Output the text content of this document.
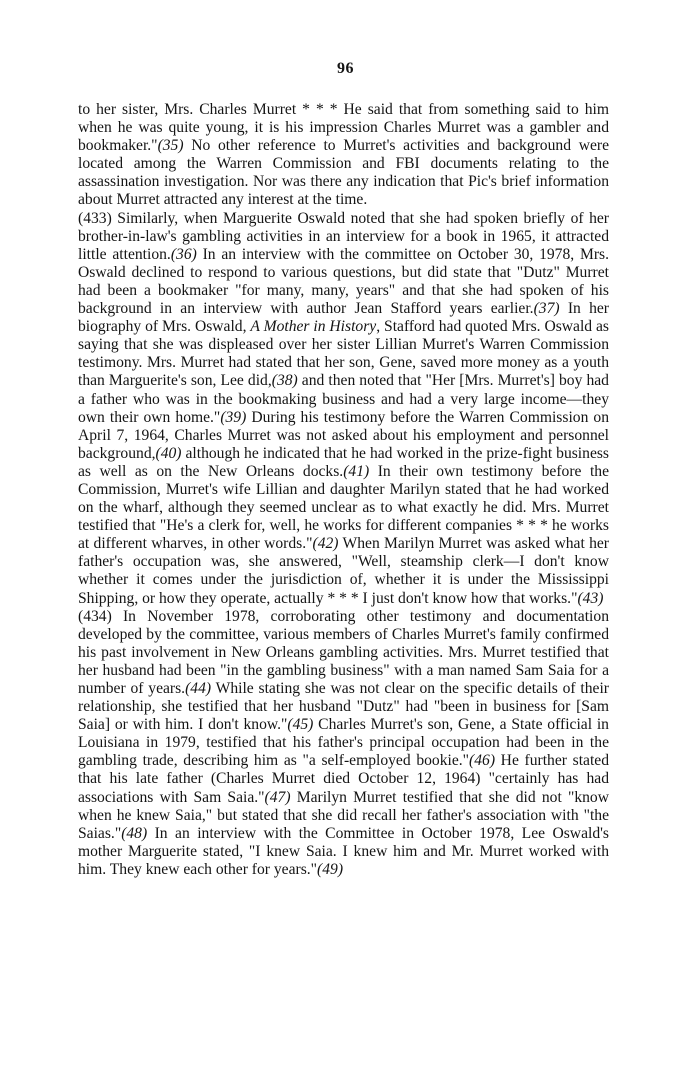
96

to her sister, Mrs. Charles Murret * * * He said that from something said to him when he was quite young, it is his impression Charles Murret was a gambler and bookmaker."(35) No other reference to Murret's activities and background were located among the Warren Commission and FBI documents relating to the assassination investigation. Nor was there any indication that Pic's brief information about Murret attracted any interest at the time.

(433) Similarly, when Marguerite Oswald noted that she had spoken briefly of her brother-in-law's gambling activities in an interview for a book in 1965, it attracted little attention.(36) In an interview with the committee on October 30, 1978, Mrs. Oswald declined to respond to various questions, but did state that "Dutz" Murret had been a bookmaker "for many, many, years" and that she had spoken of his background in an interview with author Jean Stafford years earlier.(37) In her biography of Mrs. Oswald, A Mother in History, Stafford had quoted Mrs. Oswald as saying that she was displeased over her sister Lillian Murret's Warren Commission testimony. Mrs. Murret had stated that her son, Gene, saved more money as a youth than Marguerite's son, Lee did,(38) and then noted that "Her [Mrs. Murret's] boy had a father who was in the bookmaking business and had a very large income—they own their own home."(39) During his testimony before the Warren Commission on April 7, 1964, Charles Murret was not asked about his employment and personnel background,(40) although he indicated that he had worked in the prize-fight business as well as on the New Orleans docks.(41) In their own testimony before the Commission, Murret's wife Lillian and daughter Marilyn stated that he had worked on the wharf, although they seemed unclear as to what exactly he did. Mrs. Murret testified that "He's a clerk for, well, he works for different companies * * * he works at different wharves, in other words."(42) When Marilyn Murret was asked what her father's occupation was, she answered, "Well, steamship clerk—I don't know whether it comes under the jurisdiction of, whether it is under the Mississippi Shipping, or how they operate, actually * * * I just don't know how that works."(43)

(434) In November 1978, corroborating other testimony and documentation developed by the committee, various members of Charles Murret's family confirmed his past involvement in New Orleans gambling activities. Mrs. Murret testified that her husband had been "in the gambling business" with a man named Sam Saia for a number of years.(44) While stating she was not clear on the specific details of their relationship, she testified that her husband "Dutz" had "been in business for [Sam Saia] or with him. I don't know."(45) Charles Murret's son, Gene, a State official in Louisiana in 1979, testified that his father's principal occupation had been in the gambling trade, describing him as "a self-employed bookie."(46) He further stated that his late father (Charles Murret died October 12, 1964) "certainly has had associations with Sam Saia."(47) Marilyn Murret testified that she did not "know when he knew Saia," but stated that she did recall her father's association with "the Saias."(48) In an interview with the Committee in October 1978, Lee Oswald's mother Marguerite stated, "I knew Saia. I knew him and Mr. Murret worked with him. They knew each other for years."(49)
